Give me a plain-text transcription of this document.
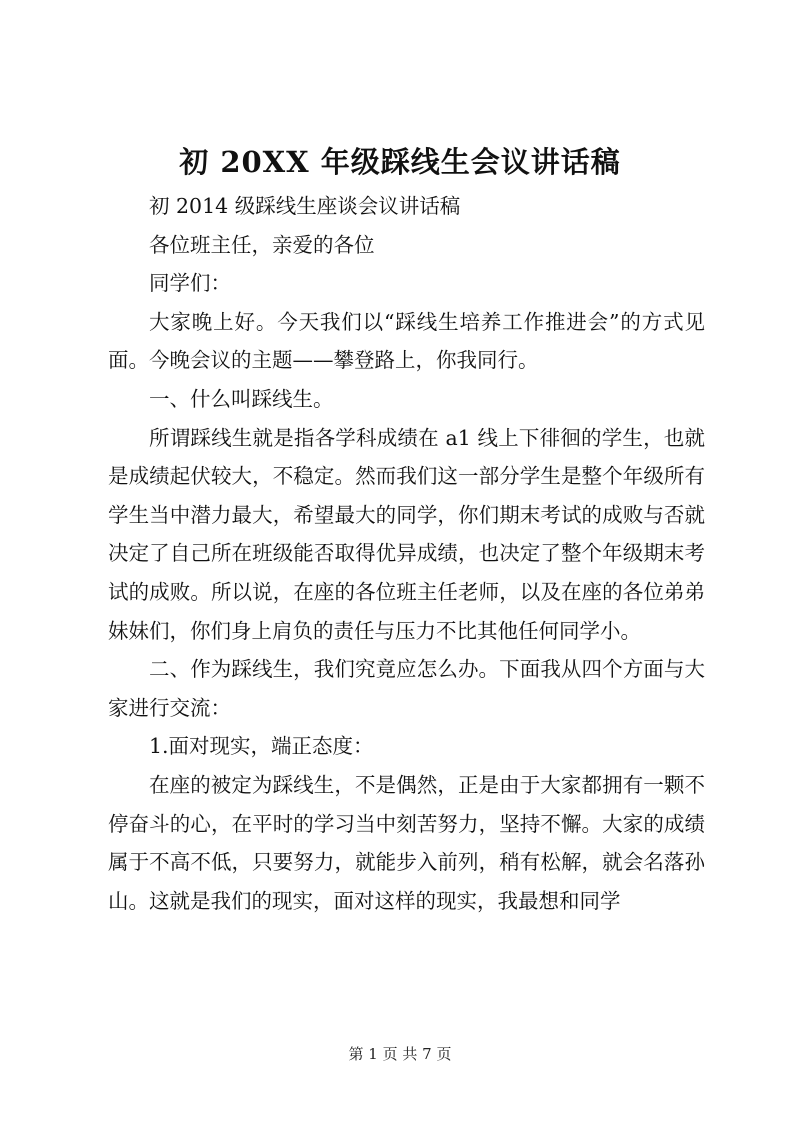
初 20XX 年级踩线生会议讲话稿

初 2014 级踩线生座谈会议讲话稿

各位班主任，亲爱的各位

同学们：

大家晚上好。今天我们以“踩线生培养工作推进会”的方式见面。今晚会议的主题——攀登路上，你我同行。

一、什么叫踩线生。

所谓踩线生就是指各学科成绩在 a1 线上下徘徊的学生，也就是成绩起伏较大，不稳定。然而我们这一部分学生是整个年级所有学生当中潜力最大，希望最大的同学，你们期末考试的成败与否就决定了自己所在班级能否取得优异成绩，也决定了整个年级期末考试的成败。所以说，在座的各位班主任老师，以及在座的各位弟弟妹妹们，你们身上肩负的责任与压力不比其他任何同学小。

二、作为踩线生，我们究竟应怎么办。下面我从四个方面与大家进行交流：

1.面对现实，端正态度：

在座的被定为踩线生，不是偶然，正是由于大家都拥有一颗不停奋斗的心，在平时的学习当中刻苦努力，坚持不懈。大家的成绩属于不高不低，只要努力，就能步入前列，稍有松解，就会名落孙山。这就是我们的现实，面对这样的现实，我最想和同学

第 1 页 共 7 页
